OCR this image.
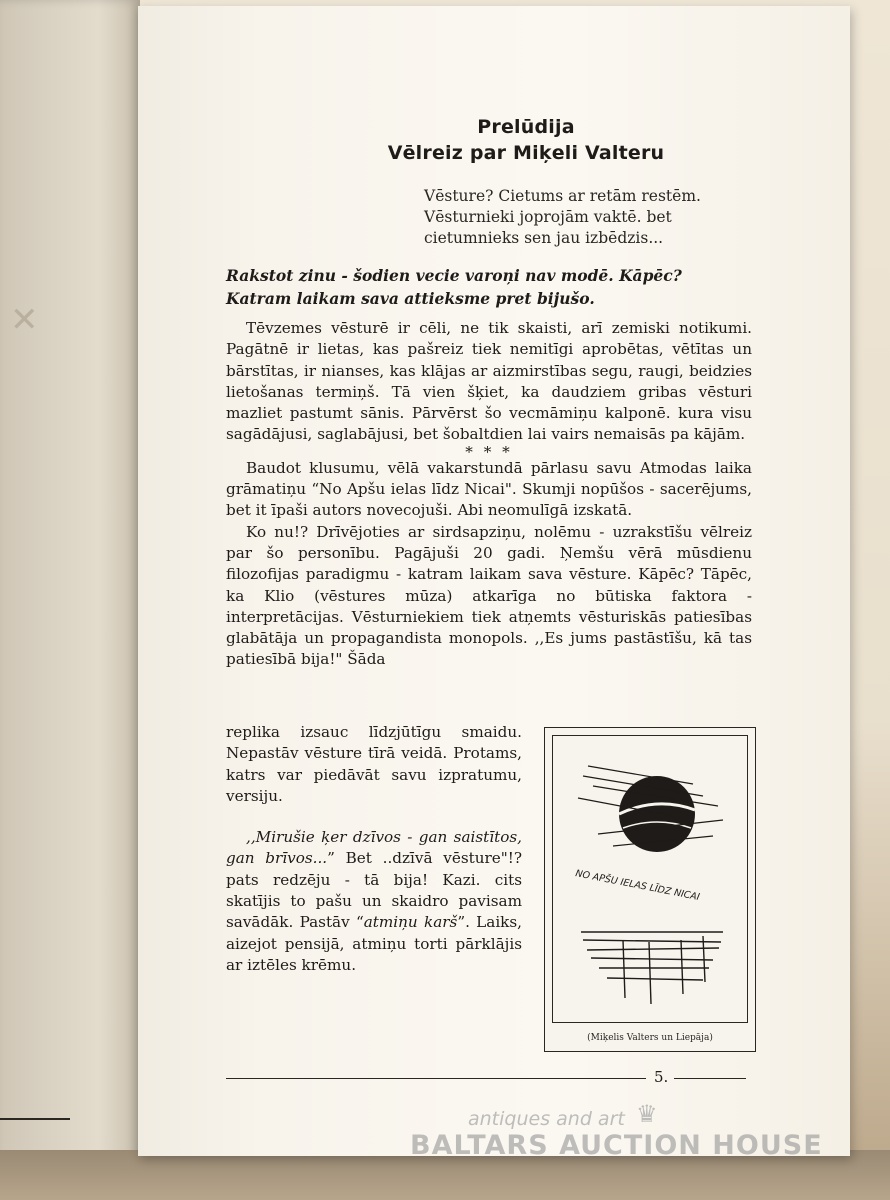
✕

Prelūdija

Vēlreiz par Miķeli Valteru

Vēsture? Cietums ar retām restēm.

Vēsturnieki joprojām vaktē. bet

cietumnieks sen jau izbēdzis...

Rakstot zinu - šodien vecie varoņi nav modē. Kāpēc?

Katram laikam sava attieksme pret bijušo.

Tēvzemes vēsturē ir cēli, ne tik skaisti, arī zemiski notikumi. Pagātnē ir lietas, kas pašreiz tiek nemitīgi aprobētas, vētītas un bārstītas, ir nianses, kas klājas ar aizmirstības segu, raugi, beidzies lietošanas termiņš. Tā vien šķiet, ka daudziem gribas vēsturi mazliet pastumt sānis. Pārvērst šo vecmāmiņu kalponē. kura visu sagādājusi, saglabājusi, bet šobaltdien lai vairs nemaisās pa kājām.

* * *

Baudot klusumu, vēlā vakarstundā pārlasu savu Atmodas laika grāmatiņu “No Apšu ielas līdz Nicai". Skumji nopūšos - sacerējums, bet it īpaši autors novecojuši. Abi neomulīgā izskatā.

Ko nu!? Drīvējoties ar sirdsapziņu, nolēmu - uzrakstīšu vēlreiz par šo personību. Pagājuši 20 gadi. Ņemšu vērā mūsdienu filozofijas paradigmu - katram laikam sava vēsture. Kāpēc? Tāpēc, ka Klio (vēstures mūza) atkarīga no būtiska faktora - interpretācijas. Vēsturniekiem tiek atņemts vēsturiskās patiesības glabātāja un propagandista monopols. ,,Es jums pastāstīšu, kā tas patiesībā bija!" Šāda

replika izsauc līdzjūtīgu smaidu. Nepastāv vēsture tīrā veidā. Protams, katrs var piedāvāt savu izpratumu, versiju.

,,Mirušie ķer dzīvos - gan saistītos, gan brīvos...” Bet ..dzīvā vēsture"!? pats redzēju - tā bija! Kazi. cits skatījis to pašu un skaidro pavisam savādāk. Pastāv “atmiņu karš”. Laiks, aizejot pensijā, atmiņu torti pārklājis ar iztēles krēmu.

NO APŠU IELAS LĪDZ NICAI
(Miķelis Valters un Liepāja)
5.
antiques and art ♛
BALTARS AUCTION HOUSE
